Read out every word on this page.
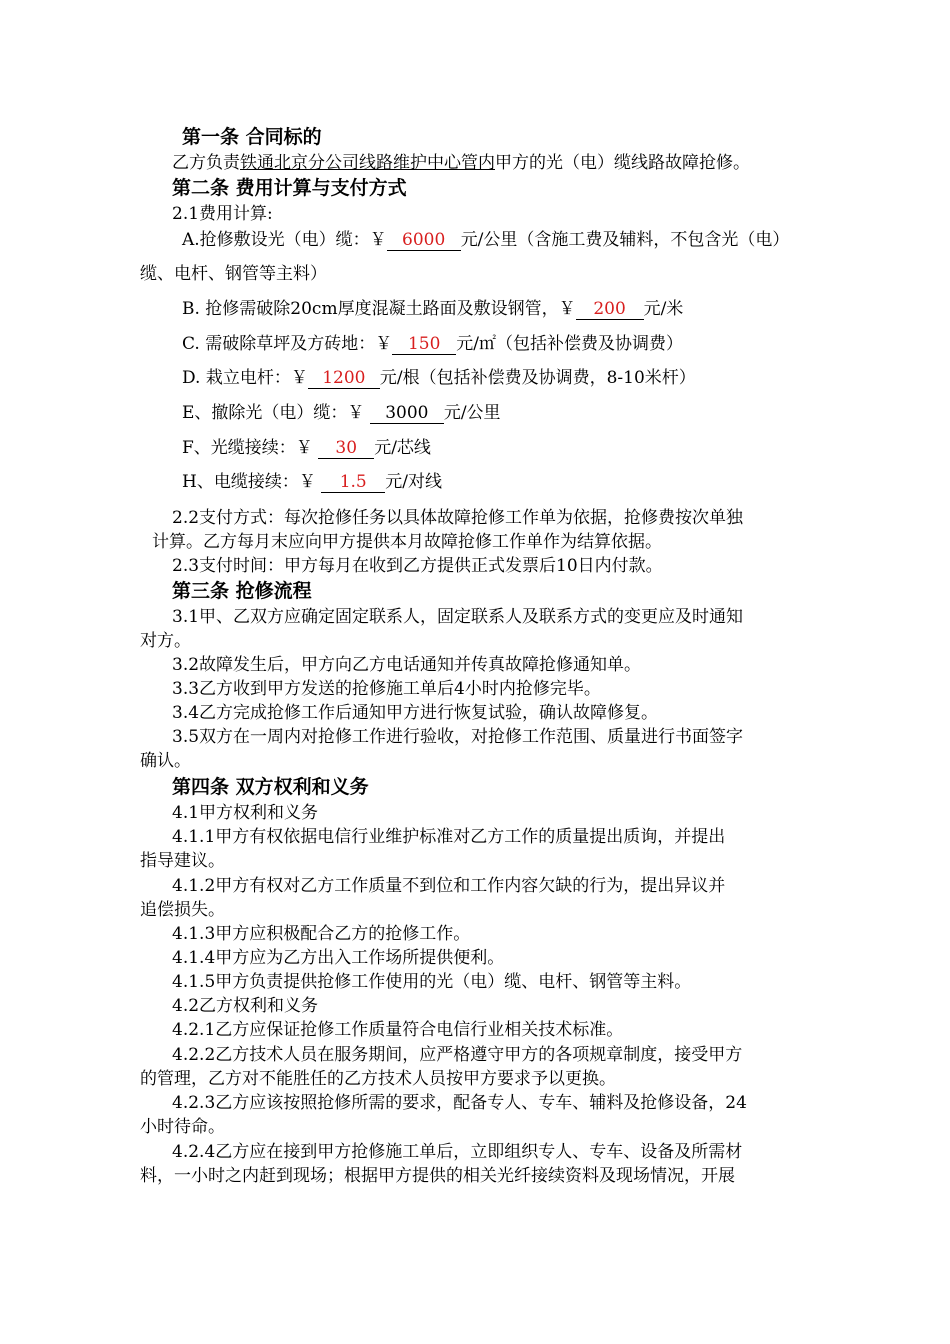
第一条 合同标的
乙方负责铁通北京分公司线路维护中心管内甲方的光（电）缆线路故障抢修。
第二条 费用计算与支付方式
2.1费用计算:
A.抢修敷设光（电）缆：￥ 6000 元/公里（含施工费及辅料，不包含光（电）
缆、电杆、钢管等主料）
B. 抢修需破除20cm厚度混凝土路面及敷设钢管，￥ 200 元/米
C. 需破除草坪及方砖地：￥ 150 元/㎡（包括补偿费及协调费）
D. 栽立电杆：￥ 1200 元/根（包括补偿费及协调费，8-10米杆）
E、撤除光（电）缆：￥ 3000 元/公里
F、光缆接续：￥ 30 元/芯线
H、电缆接续：￥ 1.5 元/对线
2.2支付方式：每次抢修任务以具体故障抢修工作单为依据，抢修费按次单独
计算。乙方每月末应向甲方提供本月故障抢修工作单作为结算依据。
2.3支付时间：甲方每月在收到乙方提供正式发票后10日内付款。
第三条 抢修流程
3.1甲、乙双方应确定固定联系人，固定联系人及联系方式的变更应及时通知
对方。
3.2故障发生后，甲方向乙方电话通知并传真故障抢修通知单。
3.3乙方收到甲方发送的抢修施工单后4小时内抢修完毕。
3.4乙方完成抢修工作后通知甲方进行恢复试验，确认故障修复。
3.5双方在一周内对抢修工作进行验收，对抢修工作范围、质量进行书面签字
确认。
第四条 双方权利和义务
4.1甲方权利和义务
4.1.1甲方有权依据电信行业维护标准对乙方工作的质量提出质询，并提出
指导建议。
4.1.2甲方有权对乙方工作质量不到位和工作内容欠缺的行为，提出异议并
追偿损失。
4.1.3甲方应积极配合乙方的抢修工作。
4.1.4甲方应为乙方出入工作场所提供便利。
4.1.5甲方负责提供抢修工作使用的光（电）缆、电杆、钢管等主料。
4.2乙方权利和义务
4.2.1乙方应保证抢修工作质量符合电信行业相关技术标准。
4.2.2乙方技术人员在服务期间，应严格遵守甲方的各项规章制度，接受甲方
的管理，乙方对不能胜任的乙方技术人员按甲方要求予以更换。
4.2.3乙方应该按照抢修所需的要求，配备专人、专车、辅料及抢修设备，24
小时待命。
4.2.4乙方应在接到甲方抢修施工单后，立即组织专人、专车、设备及所需材
料，一小时之内赶到现场；根据甲方提供的相关光纤接续资料及现场情况，开展
